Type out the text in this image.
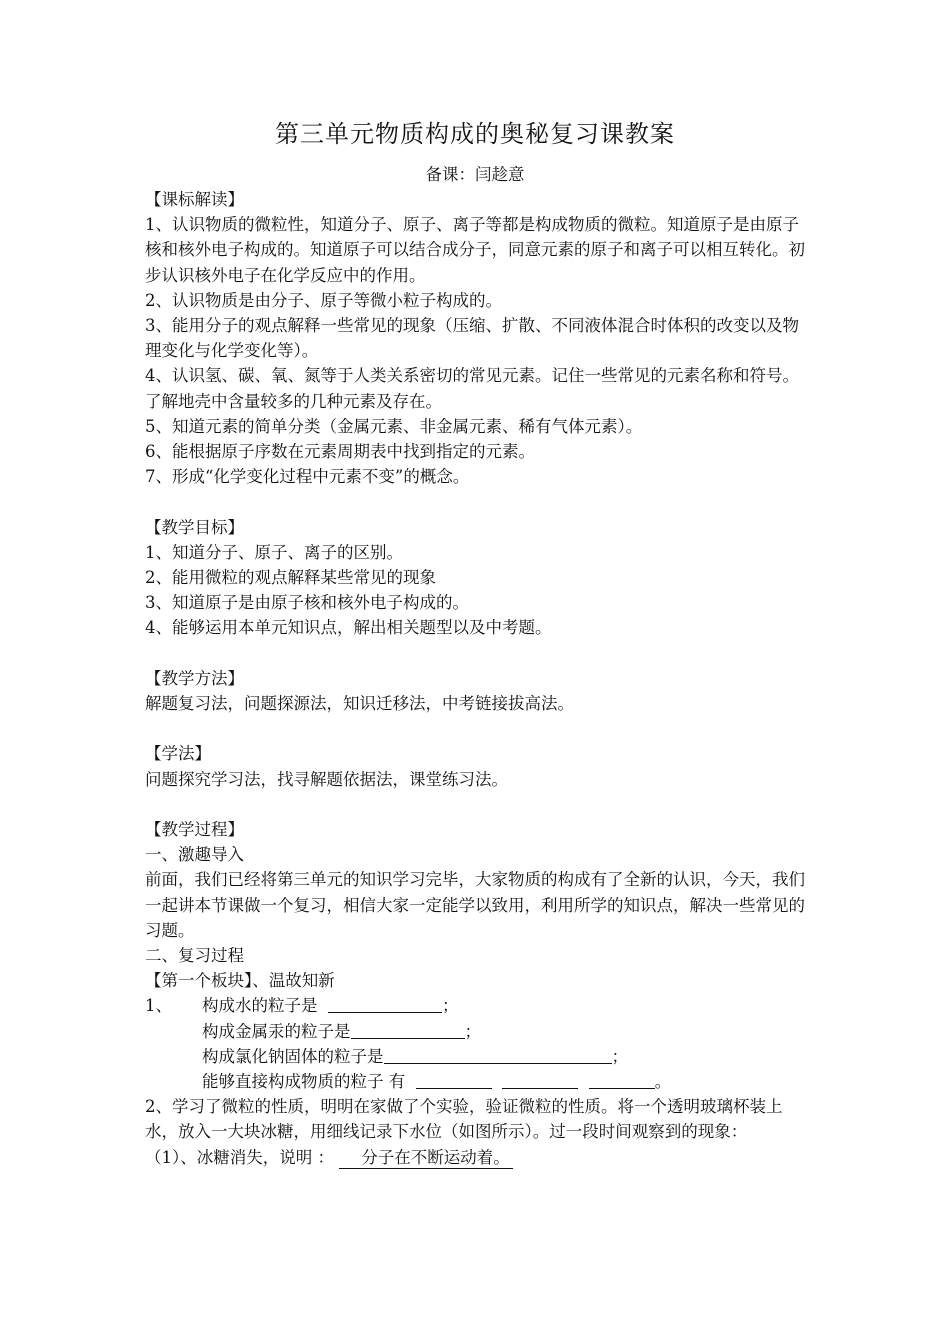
第三单元物质构成的奥秘复习课教案
备课：闫趁意

【课标解读】

1、认识物质的微粒性，知道分子、原子、离子等都是构成物质的微粒。知道原子是由原子核和核外电子构成的。知道原子可以结合成分子，同意元素的原子和离子可以相互转化。初步认识核外电子在化学反应中的作用。

2、认识物质是由分子、原子等微小粒子构成的。

3、能用分子的观点解释一些常见的现象（压缩、扩散、不同液体混合时体积的改变以及物理变化与化学变化等）。

4、认识氢、碳、氧、氮等于人类关系密切的常见元素。记住一些常见的元素名称和符号。了解地壳中含量较多的几种元素及存在。

5、知道元素的简单分类（金属元素、非金属元素、稀有气体元素）。

6、能根据原子序数在元素周期表中找到指定的元素。

7、形成“化学变化过程中元素不变”的概念。

【教学目标】

1、知道分子、原子、离子的区别。

2、能用微粒的观点解释某些常见的现象

3、知道原子是由原子核和核外电子构成的。

4、能够运用本单元知识点，解出相关题型以及中考题。

【教学方法】

解题复习法，问题探源法，知识迁移法，中考链接拔高法。

【学法】

问题探究学习法，找寻解题依据法，课堂练习法。

【教学过程】

一、激趣导入

前面，我们已经将第三单元的知识学习完毕，大家物质的构成有了全新的认识，今天，我们一起讲本节课做一个复习，相信大家一定能学以致用，利用所学的知识点，解决一些常见的习题。

二、复习过程

【第一个板块】、温故知新

1、 构成水的粒子是	；

构成金属汞的粒子是	；

构成氯化钠固体的粒子是	；

能够直接构成物质的粒子 有	。

2、学习了微粒的性质，明明在家做了个实验，验证微粒的性质。将一个透明玻璃杯装上水，放入一大块冰糖，用细线记录下水位（如图所示）。过一段时间观察到的现象：

（1）、冰糖消失，说明 ： 分子在不断运动着。
